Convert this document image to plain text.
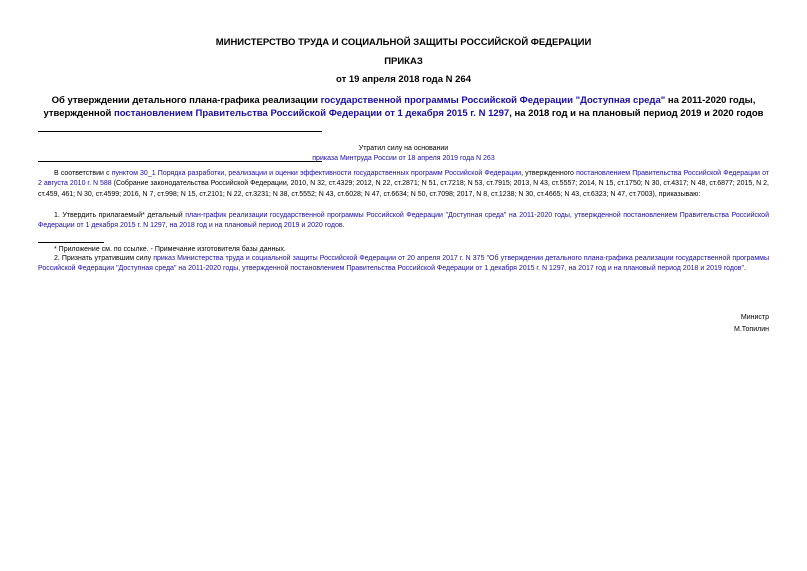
МИНИСТЕРСТВО ТРУДА И СОЦИАЛЬНОЙ ЗАЩИТЫ РОССИЙСКОЙ ФЕДЕРАЦИИ
ПРИКАЗ
от 19 апреля 2018 года N 264
Об утверждении детального плана-графика реализации государственной программы Российской Федерации "Доступная среда" на 2011-2020 годы, утвержденной постановлением Правительства Российской Федерации от 1 декабря 2015 г. N 1297, на 2018 год и на плановый период 2019 и 2020 годов
Утратил силу на основании
приказа Минтруда России от 18 апреля 2019 года N 263
В соответствии с пунктом 30_1 Порядка разработки, реализации и оценки эффективности государственных программ Российской Федерации, утвержденного постановлением Правительства Российской Федерации от 2 августа 2010 г. N 588 (Собрание законодательства Российской Федерации, 2010, N 32, ст.4329; 2012, N 22, ст.2871; N 51, ст.7218; N 53, ст.7915; 2013, N 43, ст.5557; 2014, N 15, ст.1750; N 30, ст.4317; N 48, ст.6877; 2015, N 2, ст.459, 461; N 30, ст.4599; 2016, N 7, ст.998; N 15, ст.2101; N 22, ст.3231; N 38, ст.5552; N 43, ст.6028; N 47, ст.6634; N 50, ст.7098; 2017, N 8, ст.1238; N 30, ст.4665; N 43, ст.6323; N 47, ст.7003), приказываю:
1. Утвердить прилагаемый* детальный план-график реализации государственной программы Российской Федерации "Доступная среда" на 2011-2020 годы, утвержденной постановлением Правительства Российской Федерации от 1 декабря 2015 г. N 1297, на 2018 год и на плановый период 2019 и 2020 годов.
* Приложение см. по ссылке. - Примечание изготовителя базы данных.
2. Признать утратившим силу приказ Министерства труда и социальной защиты Российской Федерации от 20 апреля 2017 г. N 375 "Об утверждении детального плана-графика реализации государственной программы Российской Федерации "Доступная среда" на 2011-2020 годы, утвержденной постановлением Правительства Российской Федерации от 1 декабря 2015 г. N 1297, на 2017 год и на плановый период 2018 и 2019 годов".
Министр
М.Топилин
